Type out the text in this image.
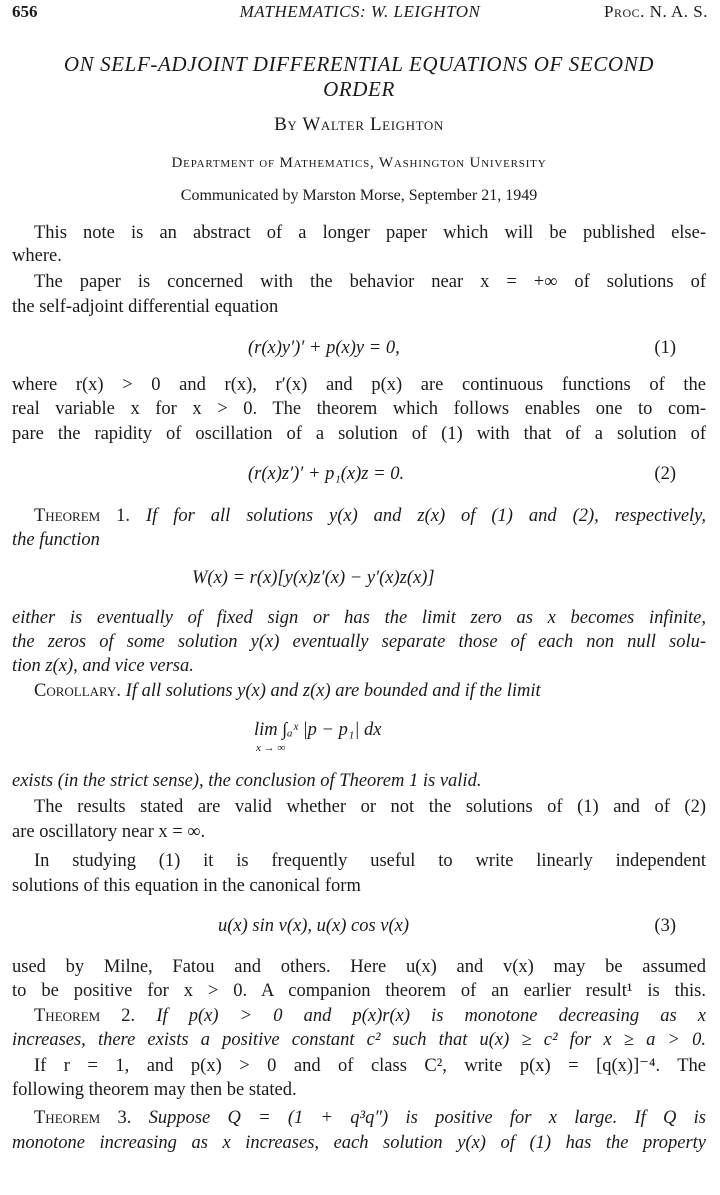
656	MATHEMATICS: W. LEIGHTON	Proc. N. A. S.
ON SELF-ADJOINT DIFFERENTIAL EQUATIONS OF SECOND
ORDER
By Walter Leighton
Department of Mathematics, Washington University
Communicated by Marston Morse, September 21, 1949
This note is an abstract of a longer paper which will be published else-
where.
The paper is concerned with the behavior near x = +∞ of solutions of
the self-adjoint differential equation
(r(x)y′)′ + p(x)y = 0,	(1)
where r(x) > 0 and r(x), r′(x) and p(x) are continuous functions of the
real variable x for x > 0. The theorem which follows enables one to com-
pare the rapidity of oscillation of a solution of (1) with that of a solution of
(r(x)z′)′ + p₁(x)z = 0.	(2)
Theorem 1. If for all solutions y(x) and z(x) of (1) and (2), respectively,
the function
W(x) = r(x)[y(x)z′(x) − y′(x)z(x)]
either is eventually of fixed sign or has the limit zero as x becomes infinite,
the zeros of some solution y(x) eventually separate those of each non null solu-
tion z(x), and vice versa.
Corollary. If all solutions y(x) and z(x) are bounded and if the limit
lim ∫ₐˣ |p − p₁| dx
x → ∞
exists (in the strict sense), the conclusion of Theorem 1 is valid.
The results stated are valid whether or not the solutions of (1) and of (2)
are oscillatory near x = ∞.
In studying (1) it is frequently useful to write linearly independent
solutions of this equation in the canonical form
u(x) sin v(x), u(x) cos v(x)	(3)
used by Milne, Fatou and others. Here u(x) and v(x) may be assumed
to be positive for x > 0. A companion theorem of an earlier result¹ is this.
Theorem 2. If p(x) > 0 and p(x)r(x) is monotone decreasing as x
increases, there exists a positive constant c² such that u(x) ≥ c² for x ≥ a > 0.
If r = 1, and p(x) > 0 and of class C², write p(x) = [q(x)]⁻⁴. The
following theorem may then be stated.
Theorem 3. Suppose Q = (1 + q³q″) is positive for x large. If Q is
monotone increasing as x increases, each solution y(x) of (1) has the property
